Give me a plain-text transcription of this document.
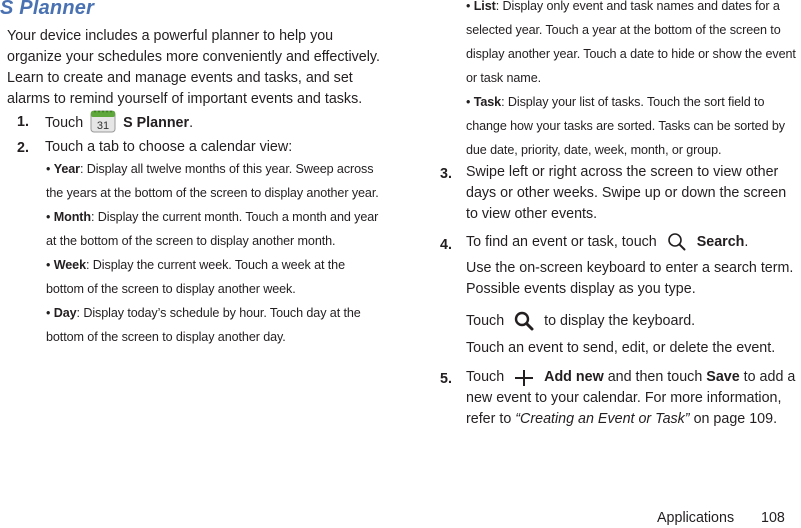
S Planner
Your device includes a powerful planner to help you organize your schedules more conveniently and effectively. Learn to create and manage events and tasks, and set alarms to remind yourself of important events and tasks.
1. Touch 31 S Planner.
2. Touch a tab to choose a calendar view:
• Year: Display all twelve months of this year. Sweep across the years at the bottom of the screen to display another year.
• Month: Display the current month. Touch a month and year at the bottom of the screen to display another month.
• Week: Display the current week. Touch a week at the bottom of the screen to display another week.
• Day: Display today’s schedule by hour. Touch day at the bottom of the screen to display another day.
• List: Display only event and task names and dates for a selected year. Touch a year at the bottom of the screen to display another year. Touch a date to hide or show the event or task name.
• Task: Display your list of tasks. Touch the sort field to change how your tasks are sorted. Tasks can be sorted by due date, priority, date, week, month, or group.
3. Swipe left or right across the screen to view other days or other weeks. Swipe up or down the screen to view other events.
4. To find an event or task, touch	Search.
Use the on-screen keyboard to enter a search term. Possible events display as you type.
Touch	to display the keyboard.
Touch an event to send, edit, or delete the event.
5. Touch	Add new and then touch Save to add a new event to your calendar. For more information, refer to “Creating an Event or Task” on page 109.
Applications 108
